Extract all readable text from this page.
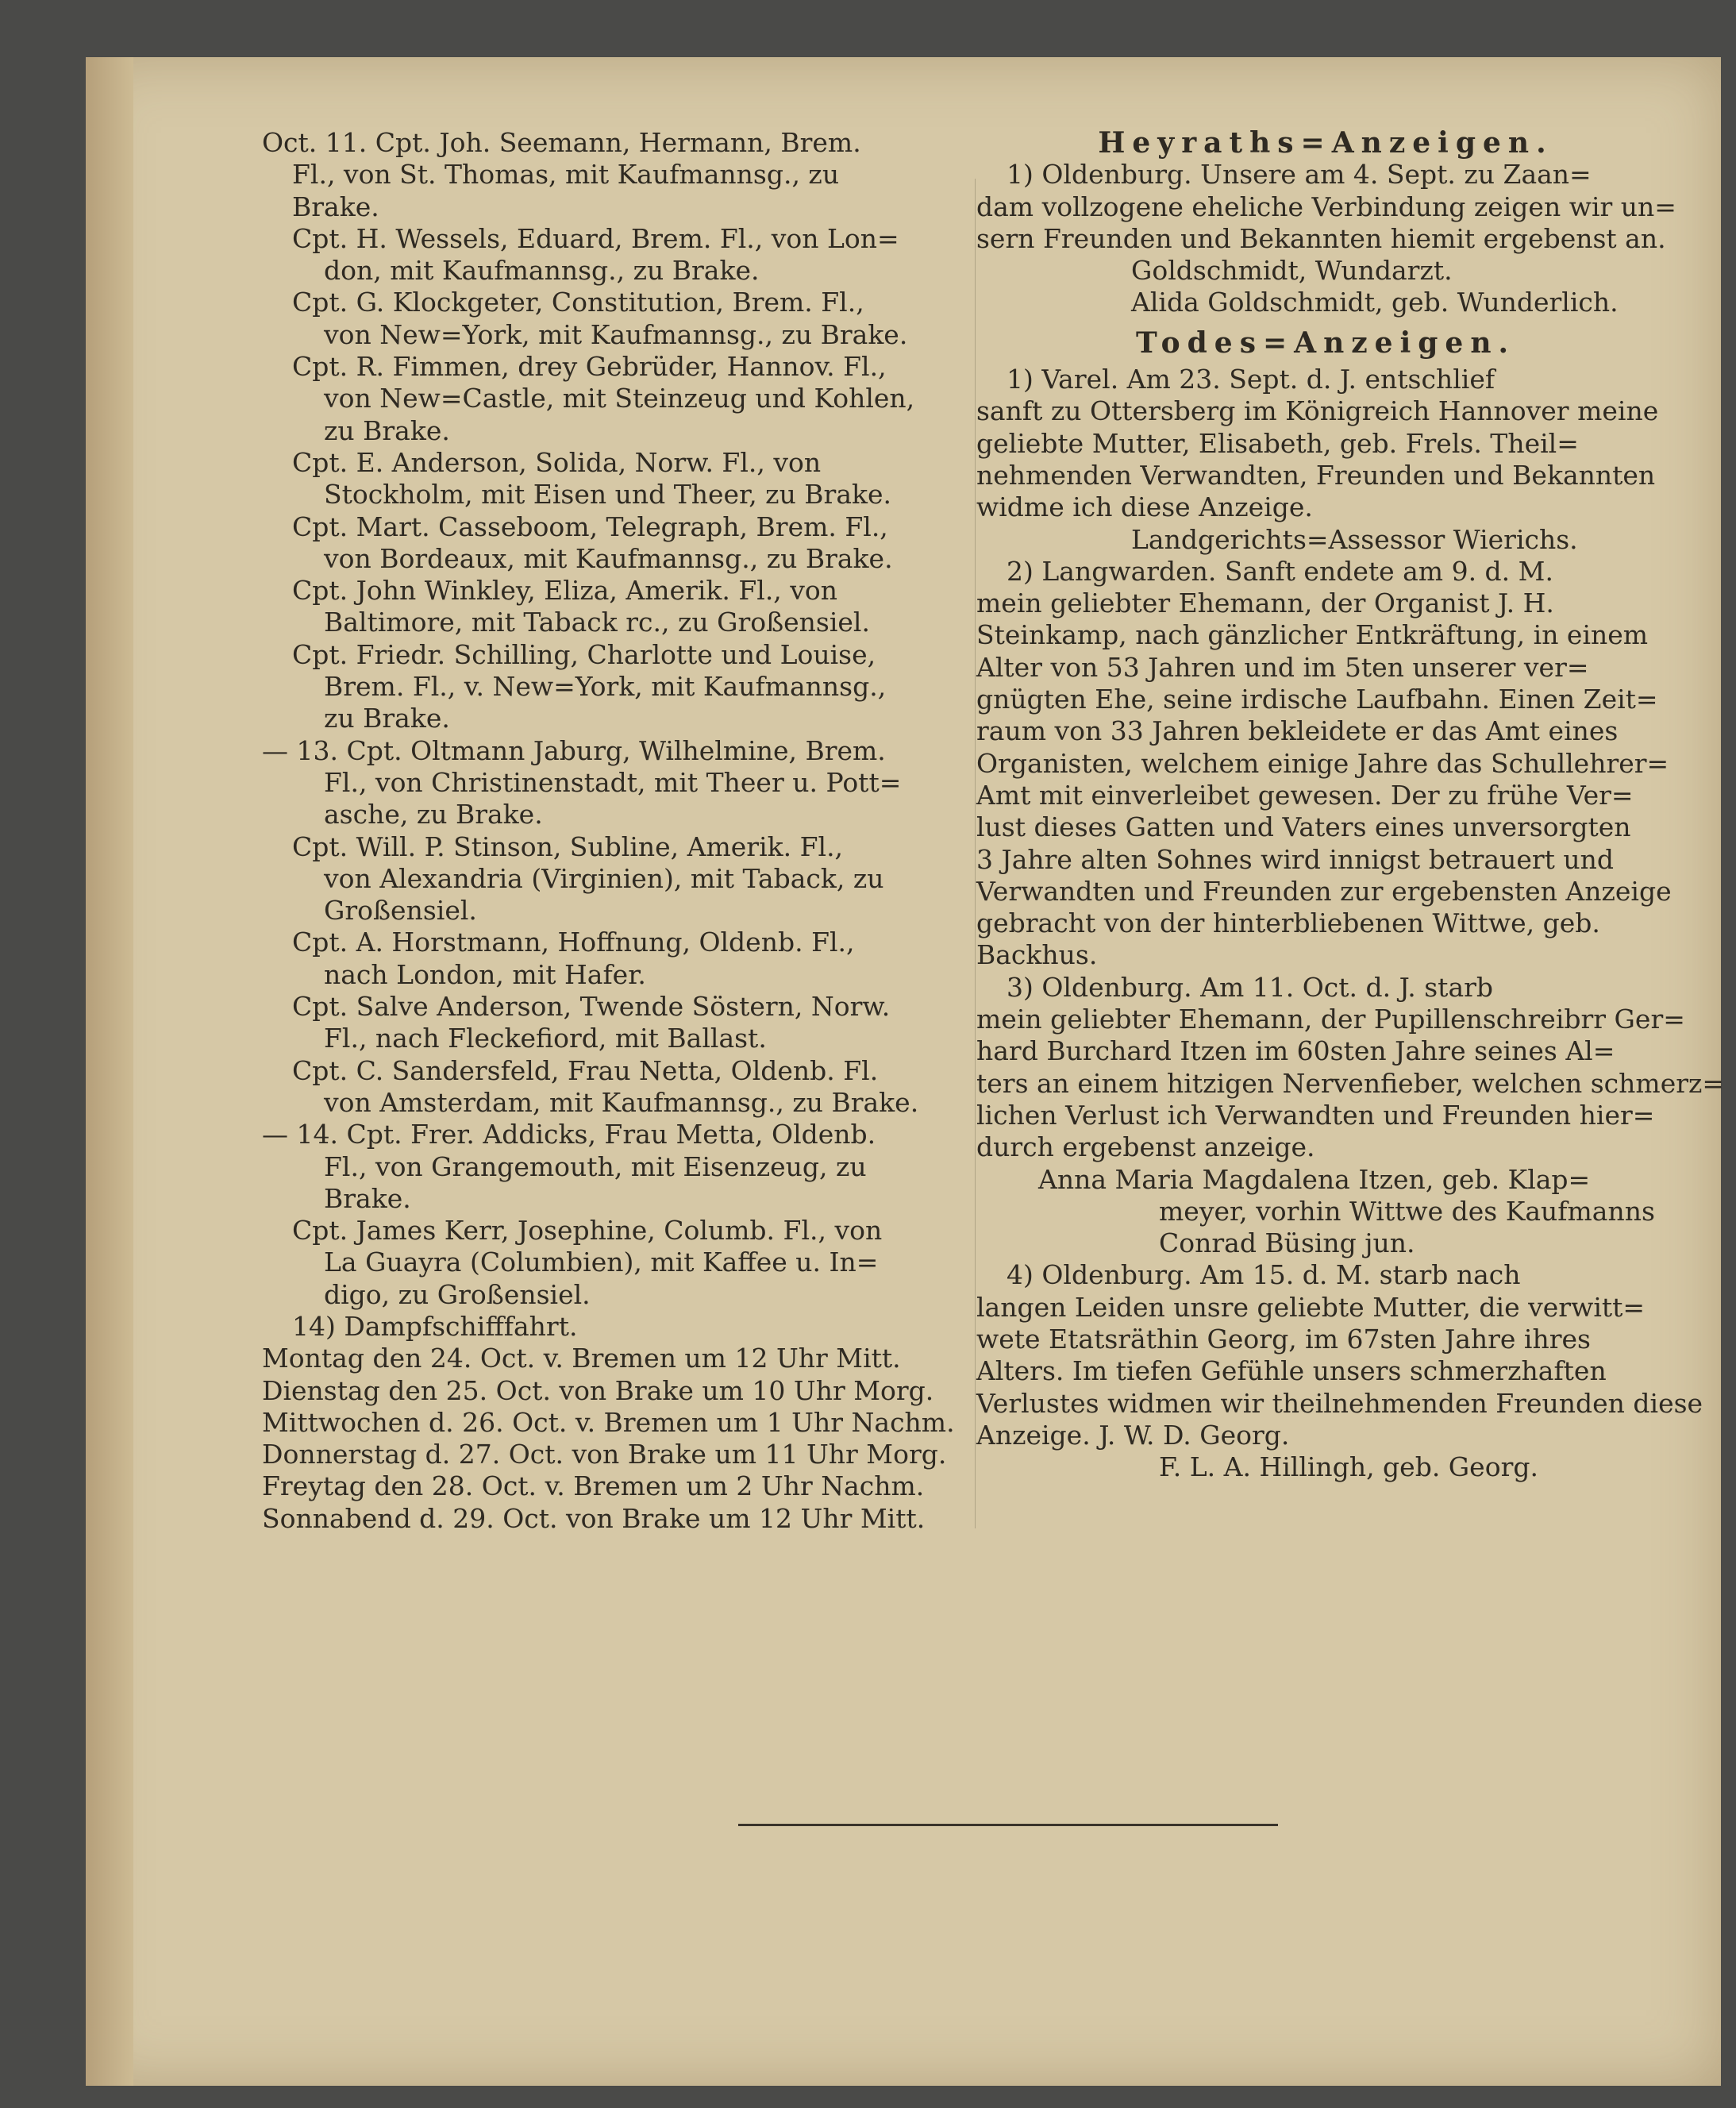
Oct. 11. Cpt. Joh. Seemann, Hermann, Brem.
Fl., von St. Thomas, mit Kaufmannsg., zu
Brake.
Cpt. H. Wessels, Eduard, Brem. Fl., von Lon=
don, mit Kaufmannsg., zu Brake.
Cpt. G. Klockgeter, Constitution, Brem. Fl.,
von New=York, mit Kaufmannsg., zu Brake.
Cpt. R. Fimmen, drey Gebrüder, Hannov. Fl.,
von New=Castle, mit Steinzeug und Kohlen,
zu Brake.
Cpt. E. Anderson, Solida, Norw. Fl., von
Stockholm, mit Eisen und Theer, zu Brake.
Cpt. Mart. Casseboom, Telegraph, Brem. Fl.,
von Bordeaux, mit Kaufmannsg., zu Brake.
Cpt. John Winkley, Eliza, Amerik. Fl., von
Baltimore, mit Taback rc., zu Großensiel.
Cpt. Friedr. Schilling, Charlotte und Louise,
Brem. Fl., v. New=York, mit Kaufmannsg.,
zu Brake.
— 13. Cpt. Oltmann Jaburg, Wilhelmine, Brem.
Fl., von Christinenstadt, mit Theer u. Pott=
asche, zu Brake.
Cpt. Will. P. Stinson, Subline, Amerik. Fl.,
von Alexandria (Virginien), mit Taback, zu
Großensiel.
Cpt. A. Horstmann, Hoffnung, Oldenb. Fl.,
nach London, mit Hafer.
Cpt. Salve Anderson, Twende Söstern, Norw.
Fl., nach Fleckefiord, mit Ballast.
Cpt. C. Sandersfeld, Frau Netta, Oldenb. Fl.
von Amsterdam, mit Kaufmannsg., zu Brake.
— 14. Cpt. Frer. Addicks, Frau Metta, Oldenb.
Fl., von Grangemouth, mit Eisenzeug, zu
Brake.
Cpt. James Kerr, Josephine, Columb. Fl., von
La Guayra (Columbien), mit Kaffee u. In=
digo, zu Großensiel.
14) Dampfschifffahrt.
Montag den 24. Oct. v. Bremen um 12 Uhr Mitt.
Dienstag den 25. Oct. von Brake um 10 Uhr Morg.
Mittwochen d. 26. Oct. v. Bremen um 1 Uhr Nachm.
Donnerstag d. 27. Oct. von Brake um 11 Uhr Morg.
Freytag den 28. Oct. v. Bremen um 2 Uhr Nachm.
Sonnabend d. 29. Oct. von Brake um 12 Uhr Mitt.
Heyraths=Anzeigen.
1) Oldenburg. Unsere am 4. Sept. zu Zaan=
dam vollzogene eheliche Verbindung zeigen wir un=
sern Freunden und Bekannten hiemit ergebenst an.
Goldschmidt, Wundarzt.
Alida Goldschmidt, geb. Wunderlich.
Todes=Anzeigen.
1) Varel. Am 23. Sept. d. J. entschlief
sanft zu Ottersberg im Königreich Hannover meine
geliebte Mutter, Elisabeth, geb. Frels. Theil=
nehmenden Verwandten, Freunden und Bekannten
widme ich diese Anzeige.
Landgerichts=Assessor Wierichs.
2) Langwarden. Sanft endete am 9. d. M.
mein geliebter Ehemann, der Organist J. H.
Steinkamp, nach gänzlicher Entkräftung, in einem
Alter von 53 Jahren und im 5ten unserer ver=
gnügten Ehe, seine irdische Laufbahn. Einen Zeit=
raum von 33 Jahren bekleidete er das Amt eines
Organisten, welchem einige Jahre das Schullehrer=
Amt mit einverleibet gewesen. Der zu frühe Ver=
lust dieses Gatten und Vaters eines unversorgten
3 Jahre alten Sohnes wird innigst betrauert und
Verwandten und Freunden zur ergebensten Anzeige
gebracht von der hinterbliebenen Wittwe, geb.
Backhus.
3) Oldenburg. Am 11. Oct. d. J. starb
mein geliebter Ehemann, der Pupillenschreibrr Ger=
hard Burchard Itzen im 60sten Jahre seines Al=
ters an einem hitzigen Nervenfieber, welchen schmerz=
lichen Verlust ich Verwandten und Freunden hier=
durch ergebenst anzeige.
Anna Maria Magdalena Itzen, geb. Klap=
meyer, vorhin Wittwe des Kaufmanns
Conrad Büsing jun.
4) Oldenburg. Am 15. d. M. starb nach
langen Leiden unsre geliebte Mutter, die verwitt=
wete Etatsräthin Georg, im 67sten Jahre ihres
Alters. Im tiefen Gefühle unsers schmerzhaften
Verlustes widmen wir theilnehmenden Freunden diese
Anzeige. J. W. D. Georg.
F. L. A. Hillingh, geb. Georg.
